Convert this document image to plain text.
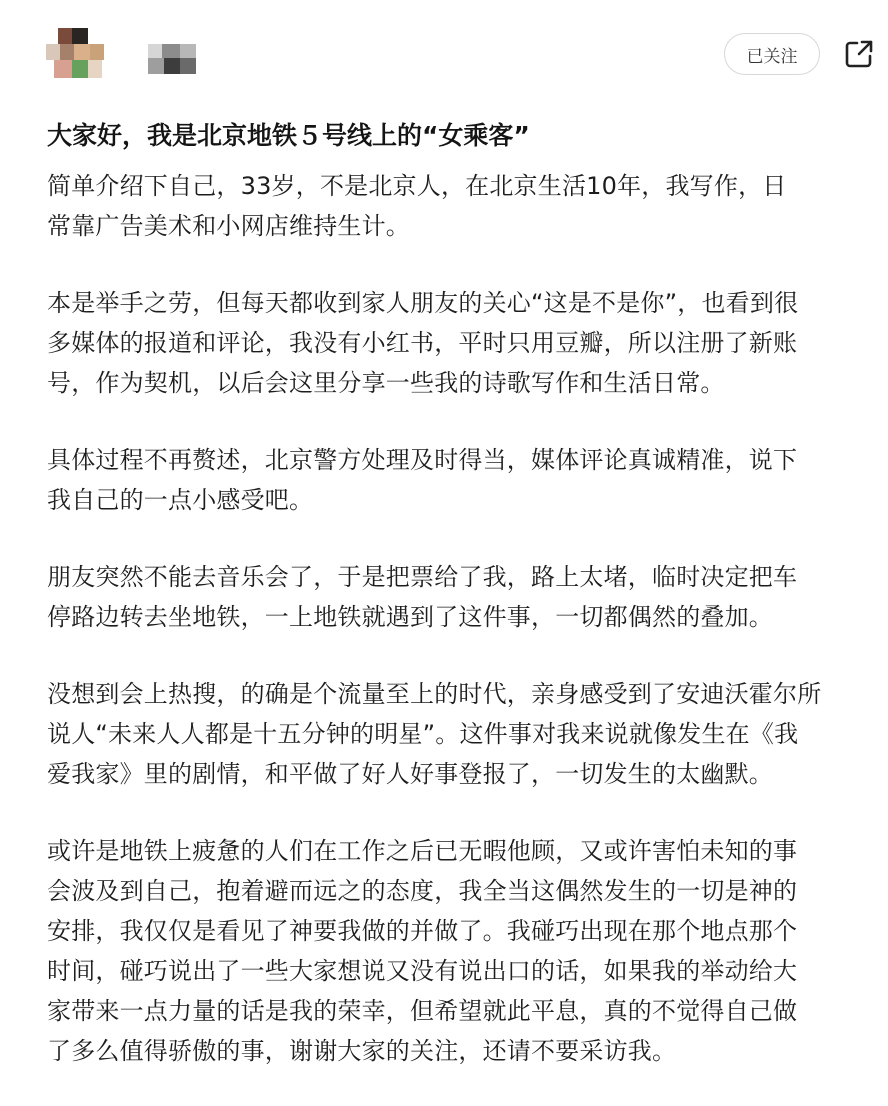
已关注
大家好，我是北京地铁５号线上的“女乘客”

简单介绍下自己，33岁，不是北京人，在北京生活10年，我写作，日
常靠广告美术和小网店维持生计。

本是举手之劳，但每天都收到家人朋友的关心“这是不是你”，也看到很
多媒体的报道和评论，我没有小红书，平时只用豆瓣，所以注册了新账
号，作为契机，以后会这里分享一些我的诗歌写作和生活日常。

具体过程不再赘述，北京警方处理及时得当，媒体评论真诚精准，说下
我自己的一点小感受吧。

朋友突然不能去音乐会了，于是把票给了我，路上太堵，临时决定把车
停路边转去坐地铁，一上地铁就遇到了这件事，一切都偶然的叠加。

没想到会上热搜，的确是个流量至上的时代，亲身感受到了安迪沃霍尔所
说人“未来人人都是十五分钟的明星”。这件事对我来说就像发生在《我
爱我家》里的剧情，和平做了好人好事登报了，一切发生的太幽默。

或许是地铁上疲惫的人们在工作之后已无暇他顾，又或许害怕未知的事
会波及到自己，抱着避而远之的态度，我全当这偶然发生的一切是神的
安排，我仅仅是看见了神要我做的并做了。我碰巧出现在那个地点那个
时间，碰巧说出了一些大家想说又没有说出口的话，如果我的举动给大
家带来一点力量的话是我的荣幸，但希望就此平息，真的不觉得自己做
了多么值得骄傲的事，谢谢大家的关注，还请不要采访我。
